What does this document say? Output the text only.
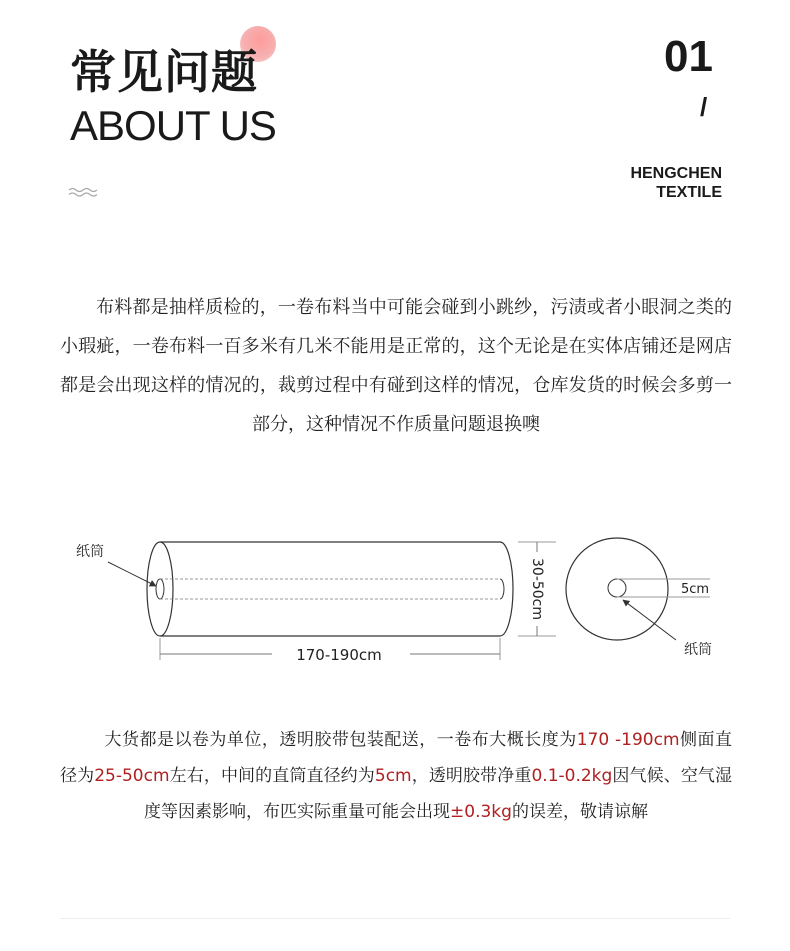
常见问题
ABOUT US
01
/
HENGCHEN
TEXTILE
布料都是抽样质检的，一卷布料当中可能会碰到小跳纱，污渍或者小眼洞之类的小瑕疵，一卷布料一百多米有几米不能用是正常的，这个无论是在实体店铺还是网店都是会出现这样的情况的，裁剪过程中有碰到这样的情况，仓库发货的时候会多剪一部分，这种情况不作质量问题退换噢
纸筒
170-190cm
30-50cm	5cm
纸筒
大货都是以卷为单位，透明胶带包装配送，一卷布大概长度为170 -190cm侧面直径为25-50cm左右，中间的直筒直径约为5cm，透明胶带净重0.1-0.2kg因气候、空气湿度等因素影响，布匹实际重量可能会出现±0.3kg的误差，敬请谅解
